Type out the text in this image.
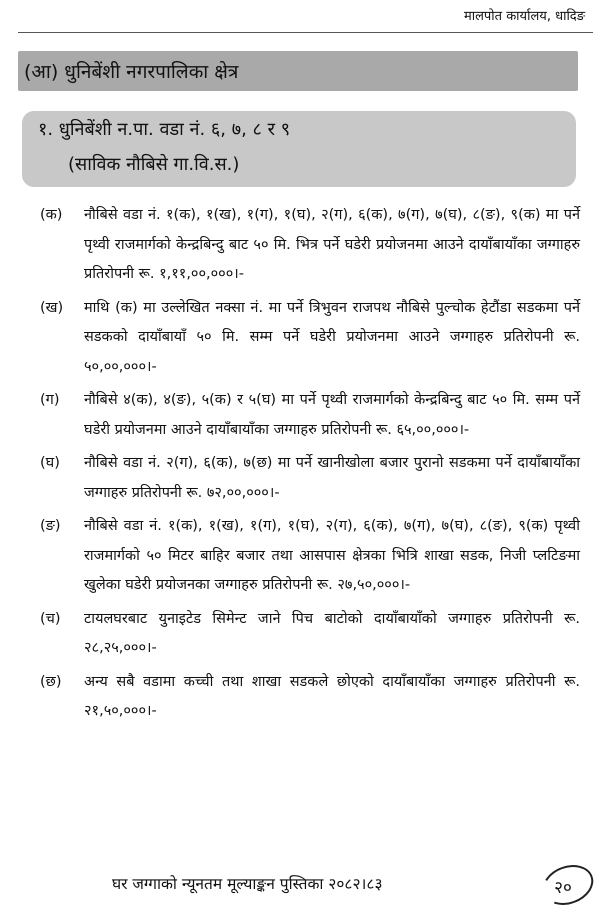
मालपोत कार्यालय, धादिङ
(आ) धुनिबेंशी नगरपालिका क्षेत्र
१. धुनिबेंशी न.पा. वडा नं. ६, ७, ८ र ९
(साविक नौबिसे गा.वि.स.)
(क) नौबिसे वडा नं. १(क), १(ख), १(ग), १(घ), २(ग), ६(क), ७(ग), ७(घ), ८(ङ), ९(क) मा पर्ने पृथ्वी राजमार्गको केन्द्रबिन्दु बाट ५० मि. भित्र पर्ने घडेरी प्रयोजनमा आउने दायाँबायाँका जग्गाहरु प्रतिरोपनी रू. १,११,००,०००।-

(ख) माथि (क) मा उल्लेखित नक्सा नं. मा पर्ने त्रिभुवन राजपथ नौबिसे पुल्चोक हेटौंडा सडकमा पर्ने सडकको दायाँबायाँ ५० मि. सम्म पर्ने घडेरी प्रयोजनमा आउने जग्गाहरु प्रतिरोपनी रू. ५०,००,०००।-

(ग) नौबिसे ४(क), ४(ङ), ५(क) र ५(घ) मा पर्ने पृथ्वी राजमार्गको केन्द्रबिन्दु बाट ५० मि. सम्म पर्ने घडेरी प्रयोजनमा आउने दायाँबायाँका जग्गाहरु प्रतिरोपनी रू. ६५,००,०००।-

(घ) नौबिसे वडा नं. २(ग), ६(क), ७(छ) मा पर्ने खानीखोला बजार पुरानो सडकमा पर्ने दायाँबायाँका जग्गाहरु प्रतिरोपनी रू. ७२,००,०००।-

(ङ) नौबिसे वडा नं. १(क), १(ख), १(ग), १(घ), २(ग), ६(क), ७(ग), ७(घ), ८(ङ), ९(क) पृथ्वी राजमार्गको ५० मिटर बाहिर बजार तथा आसपास क्षेत्रका भित्रि शाखा सडक, निजी प्लटिङमा खुलेका घडेरी प्रयोजनका जग्गाहरु प्रतिरोपनी रू. २७,५०,०००।-

(च) टायलघरबाट युनाइटेड सिमेन्ट जाने पिच बाटोको दायाँबायाँको जग्गाहरु प्रतिरोपनी रू. २८,२५,०००।-

(छ) अन्य सबै वडामा कच्ची तथा शाखा सडकले छोएको दायाँबायाँका जग्गाहरु प्रतिरोपनी रू. २१,५०,०००।-

घर जग्गाको न्यूनतम मूल्याङ्कन पुस्तिका २०८२।८३	२०
